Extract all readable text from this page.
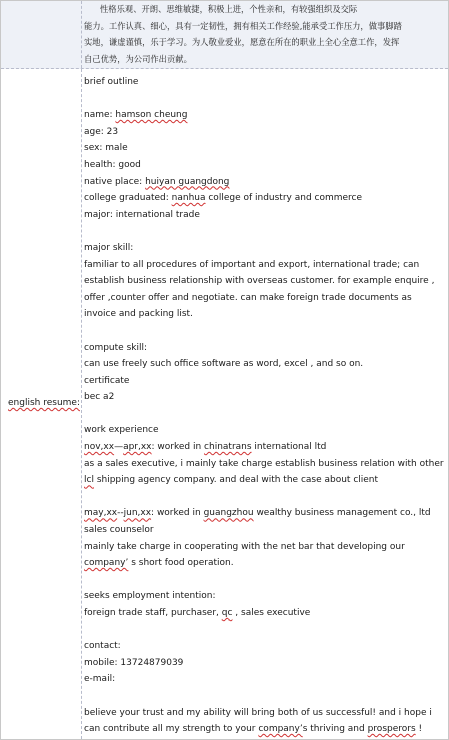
性格乐观、开朗、思维敏捷，积极上进，个性亲和，有较强组织及交际
能力。工作认真、细心，具有一定韧性，拥有相关工作经验,能承受工作压力，做事脚踏
实地，谦虚谨慎，乐于学习。为人敬业爱业，愿意在所在的职业上全心全意工作，发挥
自己优势，为公司作出贡献。
english resume:
brief outline
name: hamson cheung
age: 23
sex: male
health: good
native place: huiyan guangdong
college graduated: nanhua college of industry and commerce
major: international trade
major skill:
familiar to all procedures of important and export, international trade; can
establish business relationship with overseas customer. for example enquire ,
offer ,counter offer and negotiate. can make foreign trade documents as
invoice and packing list.
compute skill:
can use freely such office software as word, excel , and so on.
certificate
bec a2
work experience
nov,xx—apr,xx: worked in chinatrans international ltd
as a sales executive, i mainly take charge establish business relation with other
lcl shipping agency company. and deal with the case about client
may,xx--jun,xx: worked in guangzhou wealthy business management co., ltd
sales counselor
mainly take charge in cooperating with the net bar that developing our
company’ s short food operation.
seeks employment intention:
foreign trade staff, purchaser, qc , sales executive
contact:
mobile: 13724879039
e-mail:
believe your trust and my ability will bring both of us successful! and i hope i
can contribute all my strength to your company’s thriving and prosperors !
